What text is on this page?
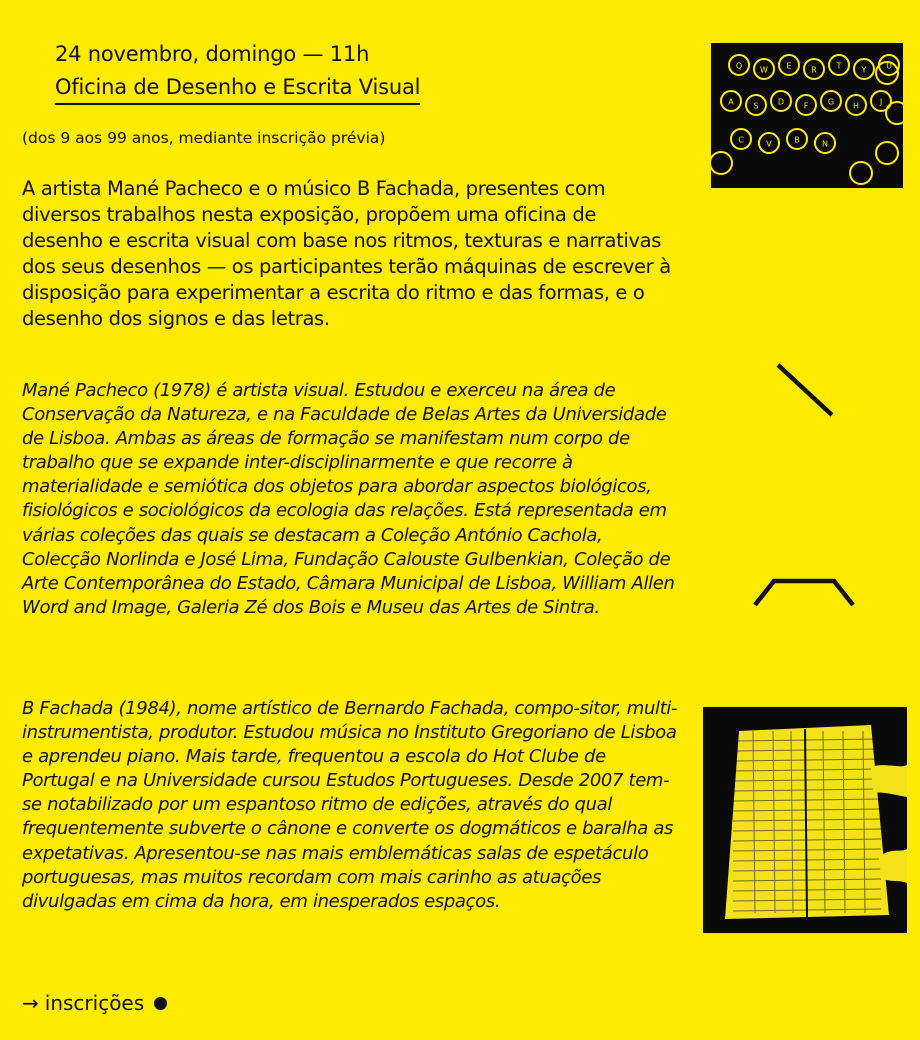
24 novembro, domingo — 11h
Oficina de Desenho e Escrita Visual
(dos 9 aos 99 anos, mediante inscrição prévia)

A artista Mané Pacheco e o músico B Fachada, presentes com diversos trabalhos nesta exposição, propõem uma oficina de desenho e escrita visual com base nos ritmos, texturas e narrativas dos seus desenhos — os participantes terão máquinas de escrever à disposição para experimentar a escrita do ritmo e das formas, e o desenho dos signos e das letras.

Mané Pacheco (1978) é artista visual. Estudou e exerceu na área de Conservação da Natureza, e na Faculdade de Belas Artes da Universidade de Lisboa. Ambas as áreas de formação se manifestam num corpo de trabalho que se expande inter-disciplinarmente e que recorre à materialidade e semiótica dos objetos para abordar aspectos biológicos, fisiológicos e sociológicos da ecologia das relações. Está representada em várias coleções das quais se destacam a Coleção António Cachola, Colecção Norlinda e José Lima, Fundação Calouste Gulbenkian, Coleção de Arte Contemporânea do Estado, Câmara Municipal de Lisboa, William Allen Word and Image, Galeria Zé dos Bois e Museu das Artes de Sintra.

B Fachada (1984), nome artístico de Bernardo Fachada, compo-sitor, multi-instrumentista, produtor. Estudou música no Instituto Gregoriano de Lisboa e aprendeu piano. Mais tarde, frequentou a escola do Hot Clube de Portugal e na Universidade cursou Estudos Portugueses. Desde 2007 tem-se notabilizado por um espantoso ritmo de edições, através do qual frequentemente subverte o cânone e converte os dogmáticos e baralha as expetativas. Apresentou-se nas mais emblemáticas salas de espetáculo portuguesas, mas muitos recordam com mais carinho as atuações divulgadas em cima da hora, em inesperados espaços.

→ inscrições
Q W E R T	Y U
A S D F G H	J
C	V	B	N
